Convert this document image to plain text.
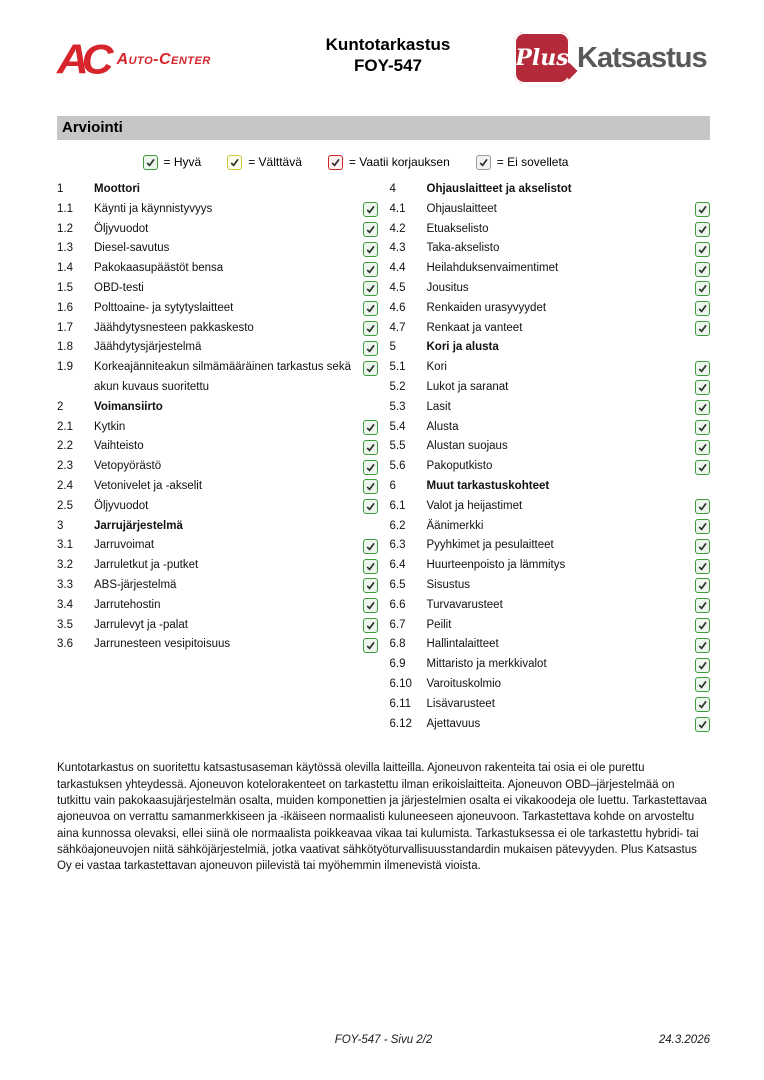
AC Auto-Center
Kuntotarkastus
FOY-547	Plus Katsastus
Arviointi
= Hyvä	= Välttävä	= Vaatii korjauksen	= Ei sovelleta
1	Moottori
1.1	Käynti ja käynnistyvyys
1.2	Öljyvuodot
1.3	Diesel-savutus
1.4	Pakokaasupäästöt bensa
1.5	OBD-testi
1.6	Polttoaine- ja sytytyslaitteet
1.7	Jäähdytysnesteen pakkaskesto
1.8	Jäähdytysjärjestelmä
1.9	Korkeajänniteakun silmämääräinen tarkastus sekä akun kuvaus suoritettu
2	Voimansiirto
2.1	Kytkin
2.2	Vaihteisto
2.3	Vetopyörästö
2.4	Vetonivelet ja -akselit
2.5	Öljyvuodot
3	Jarrujärjestelmä
3.1	Jarruvoimat
3.2	Jarruletkut ja -putket
3.3	ABS-järjestelmä
3.4	Jarrutehostin
3.5	Jarrulevyt ja -palat
3.6	Jarrunesteen vesipitoisuus
4	Ohjauslaitteet ja akselistot
4.1	Ohjauslaitteet
4.2	Etuakselisto
4.3	Taka-akselisto
4.4	Heilahduksenvaimentimet
4.5	Jousitus
4.6	Renkaiden urasyvyydet
4.7	Renkaat ja vanteet
5	Kori ja alusta
5.1	Kori
5.2	Lukot ja saranat
5.3	Lasit
5.4	Alusta
5.5	Alustan suojaus
5.6	Pakoputkisto
6	Muut tarkastuskohteet
6.1	Valot ja heijastimet
6.2	Äänimerkki
6.3	Pyyhkimet ja pesulaitteet
6.4	Huurteenpoisto ja lämmitys
6.5	Sisustus
6.6	Turvavarusteet
6.7	Peilit
6.8	Hallintalaitteet
6.9	Mittaristo ja merkkivalot
6.10	Varoituskolmio
6.11	Lisävarusteet
6.12	Ajettavuus
Kuntotarkastus on suoritettu katsastusaseman käytössä olevilla laitteilla. Ajoneuvon rakenteita tai osia ei ole purettu tarkastuksen yhteydessä. Ajoneuvon kotelorakenteet on tarkastettu ilman erikoislaitteita. Ajoneuvon OBD–järjestelmää on tutkittu vain pakokaasujärjestelmän osalta, muiden komponettien ja järjestelmien osalta ei vikakoodeja ole luettu. Tarkastettavaa ajoneuvoa on verrattu samanmerkkiseen ja -ikäiseen normaalisti kuluneeseen ajoneuvoon. Tarkastettava kohde on arvosteltu aina kunnossa olevaksi, ellei siinä ole normaalista poikkeavaa vikaa tai kulumista. Tarkastuksessa ei ole tarkastettu hybridi- tai sähköajoneuvojen niitä sähköjärjestelmiä, jotka vaativat sähkötyöturvallisuusstandardin mukaisen pätevyyden. Plus Katsastus Oy ei vastaa tarkastettavan ajoneuvon piilevistä tai myöhemmin ilmenevistä vioista.
FOY-547 - Sivu 2/2	24.3.2026
